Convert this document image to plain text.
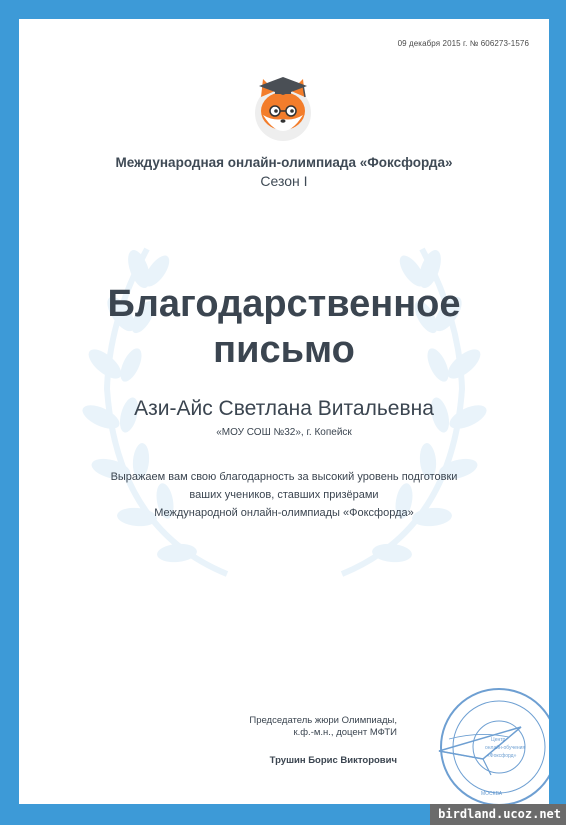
09 декабря 2015 г. № 606273-1576
Международная онлайн-олимпиада «Фоксфорда»
Сезон I
Благодарственное
письмо
Ази-Айс Светлана Витальевна
«МОУ СОШ №32», г. Копейск
Выражаем вам свою благодарность за высокий уровень подготовки
ваших учеников, ставших призёрами
Международной онлайн-олимпиады «Фоксфорда»
Председатель жюри Олимпиады,
к.ф.-м.н., доцент МФТИ
Трушин Борис Викторович
Центр
онлайн-обучения
«Фоксфорд»
МОСКВА
birdland.ucoz.net
